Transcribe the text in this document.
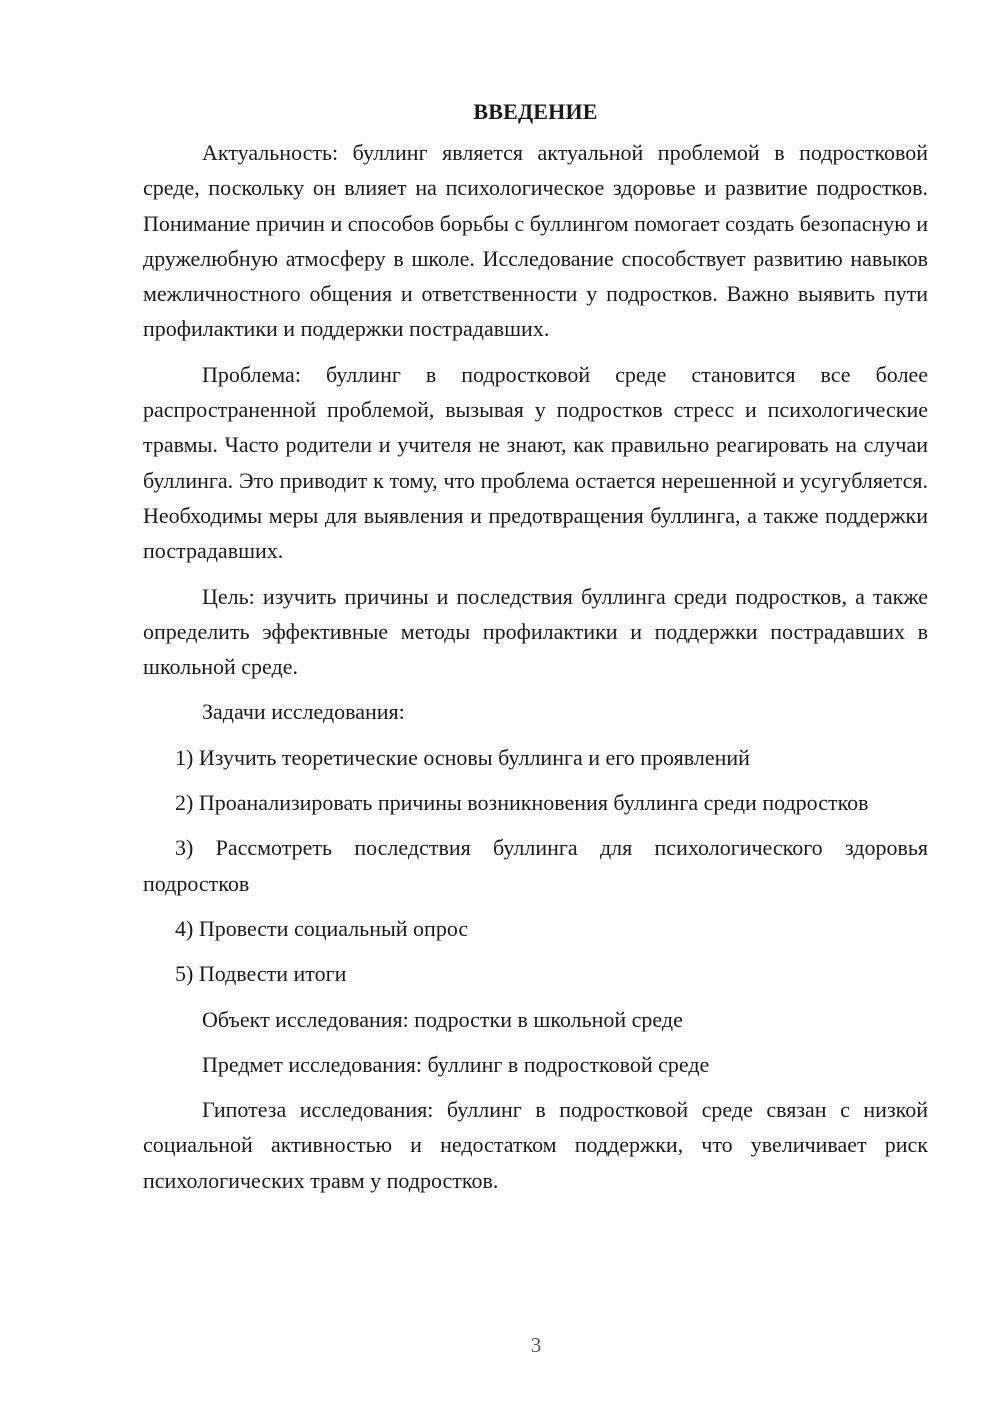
ВВЕДЕНИЕ

Актуальность: буллинг является актуальной проблемой в подростковой среде, поскольку он влияет на психологическое здоровье и развитие подростков. Понимание причин и способов борьбы с буллингом помогает создать безопасную и дружелюбную атмосферу в школе. Исследование способствует развитию навыков межличностного общения и ответственности у подростков. Важно выявить пути профилактики и поддержки пострадавших.

Проблема: буллинг в подростковой среде становится все более распространенной проблемой, вызывая у подростков стресс и психологические травмы. Часто родители и учителя не знают, как правильно реагировать на случаи буллинга. Это приводит к тому, что проблема остается нерешенной и усугубляется. Необходимы меры для выявления и предотвращения буллинга, а также поддержки пострадавших.

Цель: изучить причины и последствия буллинга среди подростков, а также определить эффективные методы профилактики и поддержки пострадавших в школьной среде.

Задачи исследования:

1) Изучить теоретические основы буллинга и его проявлений

2) Проанализировать причины возникновения буллинга среди подростков

3) Рассмотреть последствия буллинга для психологического здоровья подростков

4) Провести социальный опрос

5) Подвести итоги

Объект исследования: подростки в школьной среде

Предмет исследования: буллинг в подростковой среде

Гипотеза исследования: буллинг в подростковой среде связан с низкой социальной активностью и недостатком поддержки, что увеличивает риск психологических травм у подростков.

3
